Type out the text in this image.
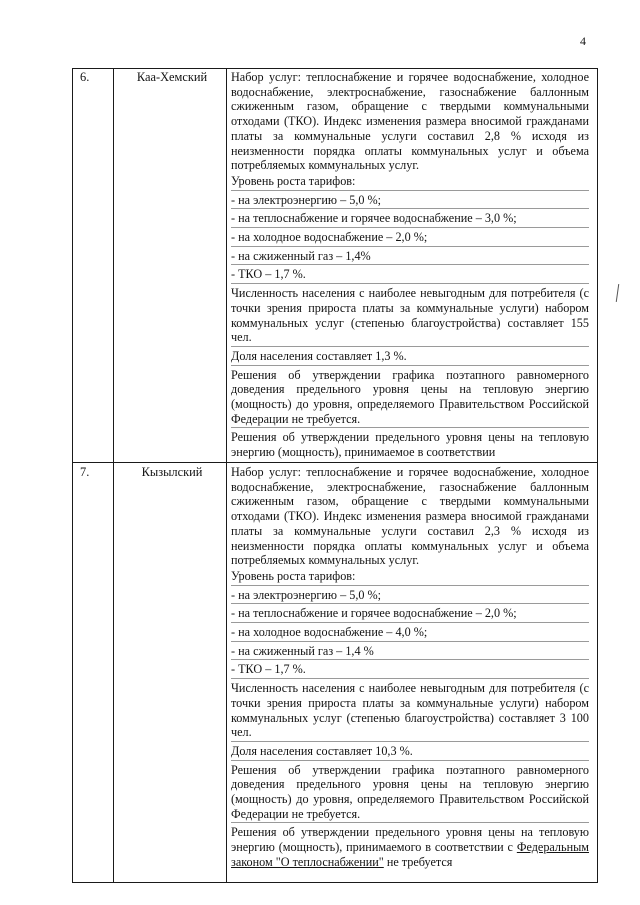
4
6.	Каа-Хемский	Набор услуг: теплоснабжение и горячее водоснабжение, холодное водоснабжение, электроснабжение, газоснабжение баллонным сжиженным газом, обращение с твердыми коммунальными отходами (ТКО). Индекс изменения размера вносимой гражданами платы за коммунальные услуги составил 2,8 % исходя из неизменности порядка оплаты коммунальных услуг и объема потребляемых коммунальных услуг.

Уровень роста тарифов:

- на электроэнергию – 5,0 %;

- на теплоснабжение и горячее водоснабжение – 3,0 %;

- на холодное водоснабжение – 2,0 %;

- на сжиженный газ – 1,4%

- ТКО – 1,7 %.

Численность населения с наиболее невыгодным для потребителя (с точки зрения прироста платы за коммунальные услуги) набором коммунальных услуг (степенью благоустройства) составляет 155 чел.

Доля населения составляет 1,3 %.

Решения об утверждении графика поэтапного равномерного доведения предельного уровня цены на тепловую энергию (мощность) до уровня, определяемого Правительством Российской Федерации не требуется.

Решения об утверждении предельного уровня цены на тепловую энергию (мощность), принимаемое в соответствии

7.	Кызылский	Набор услуг: теплоснабжение и горячее водоснабжение, холодное водоснабжение, электроснабжение, газоснабжение баллонным сжиженным газом, обращение с твердыми коммунальными отходами (ТКО). Индекс изменения размера вносимой гражданами платы за коммунальные услуги составил 2,3 % исходя из неизменности порядка оплаты коммунальных услуг и объема потребляемых коммунальных услуг.

Уровень роста тарифов:

- на электроэнергию – 5,0 %;

- на теплоснабжение и горячее водоснабжение – 2,0 %;

- на холодное водоснабжение – 4,0 %;

- на сжиженный газ – 1,4 %

- ТКО – 1,7 %.

Численность населения с наиболее невыгодным для потребителя (с точки зрения прироста платы за коммунальные услуги) набором коммунальных услуг (степенью благоустройства) составляет 3 100 чел.

Доля населения составляет 10,3 %.

Решения об утверждении графика поэтапного равномерного доведения предельного уровня цены на тепловую энергию (мощность) до уровня, определяемого Правительством Российской Федерации не требуется.

Решения об утверждении предельного уровня цены на тепловую энергию (мощность), принимаемого в соответствии с Федеральным законом "О теплоснабжении" не требуется
